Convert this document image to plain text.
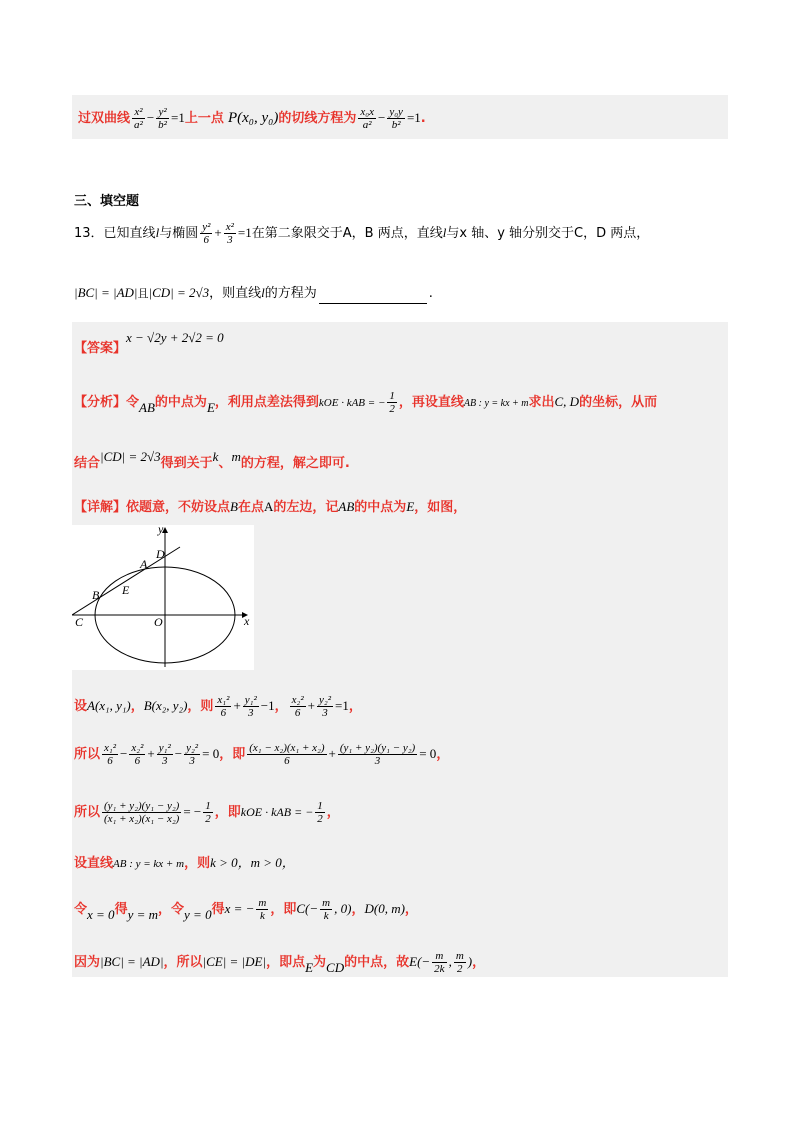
过双曲线 $\frac{\text{x²}}{\text{a²}} - \frac{\text{y²}}{\text{b²}} =1$上一点 P(x₀, y₀)的切线方程为 $\frac{\text{x₀x}}{\text{a²}} - \frac{\text{y₀y}}{\text{b²}} =1$.
三、填空题
13．已知直线l与椭圆 $\frac{\text{y²}}{6} + \frac{\text{x²}}{3} =1$在第二象限交于A，B 两点，直线l与x 轴、y 轴分别交于C，D 两点，
|BC| = |AD|且|CD| = 2√3，则直线l的方程为	.
【答案】x − √2y + 2√2 = 0
【分析】令AB的中点为E，利用点差法得到kOE · kAB = − $\frac{1}{2}$ ，再设直线AB : y = kx + m求出C, D的坐标，从而
结合|CD| = 2√3得到关于k、m的方程，解之即可.
【详解】依题意，不妨设点B在点A的左边，记AB的中点为E，如图，
y
x
O
C
B E
A
D
设A(x₁, y₁)，B(x₂, y₂)，则 $\frac{\text{x₁²}}{6} + \frac{\text{y₁²}}{3} -1$， $\frac{\text{x₂²}}{6} + \frac{\text{y₂²}}{3} =1$，
所以 $\frac{\text{x₁²}}{6} - \frac{\text{x₂²}}{6} + \frac{\text{y₁²}}{3} - \frac{\text{y₂²}}{3} = 0$，即 $\frac{\text{(x₁ − x₂)(x₁ + x₂)}}{6} + \frac{\text{(y₁ + y₂)(y₁ − y₂)}}{3} = 0$，
所以 $\frac{\text{(y₁ + y₂)(y₁ − y₂)}}{\text{(x₁ + x₂)(x₁ − x₂)}}$ = − $\frac{1}{2}$ ，即kOE · kAB = − $\frac{1}{2}$ ，
设直线AB : y = kx + m，则k > 0，m > 0，
令x = 0得y = m，令y = 0得x = − $\frac{m}{k}$ ，即$C(- \frac{m}{k}$ , 0)，D(0, m)，
因为|BC| = |AD|，所以|CE| = |DE|，即点E为CD的中点，故$E(- \frac{m}{2k}$ , $\frac{m}{2}$ )，
